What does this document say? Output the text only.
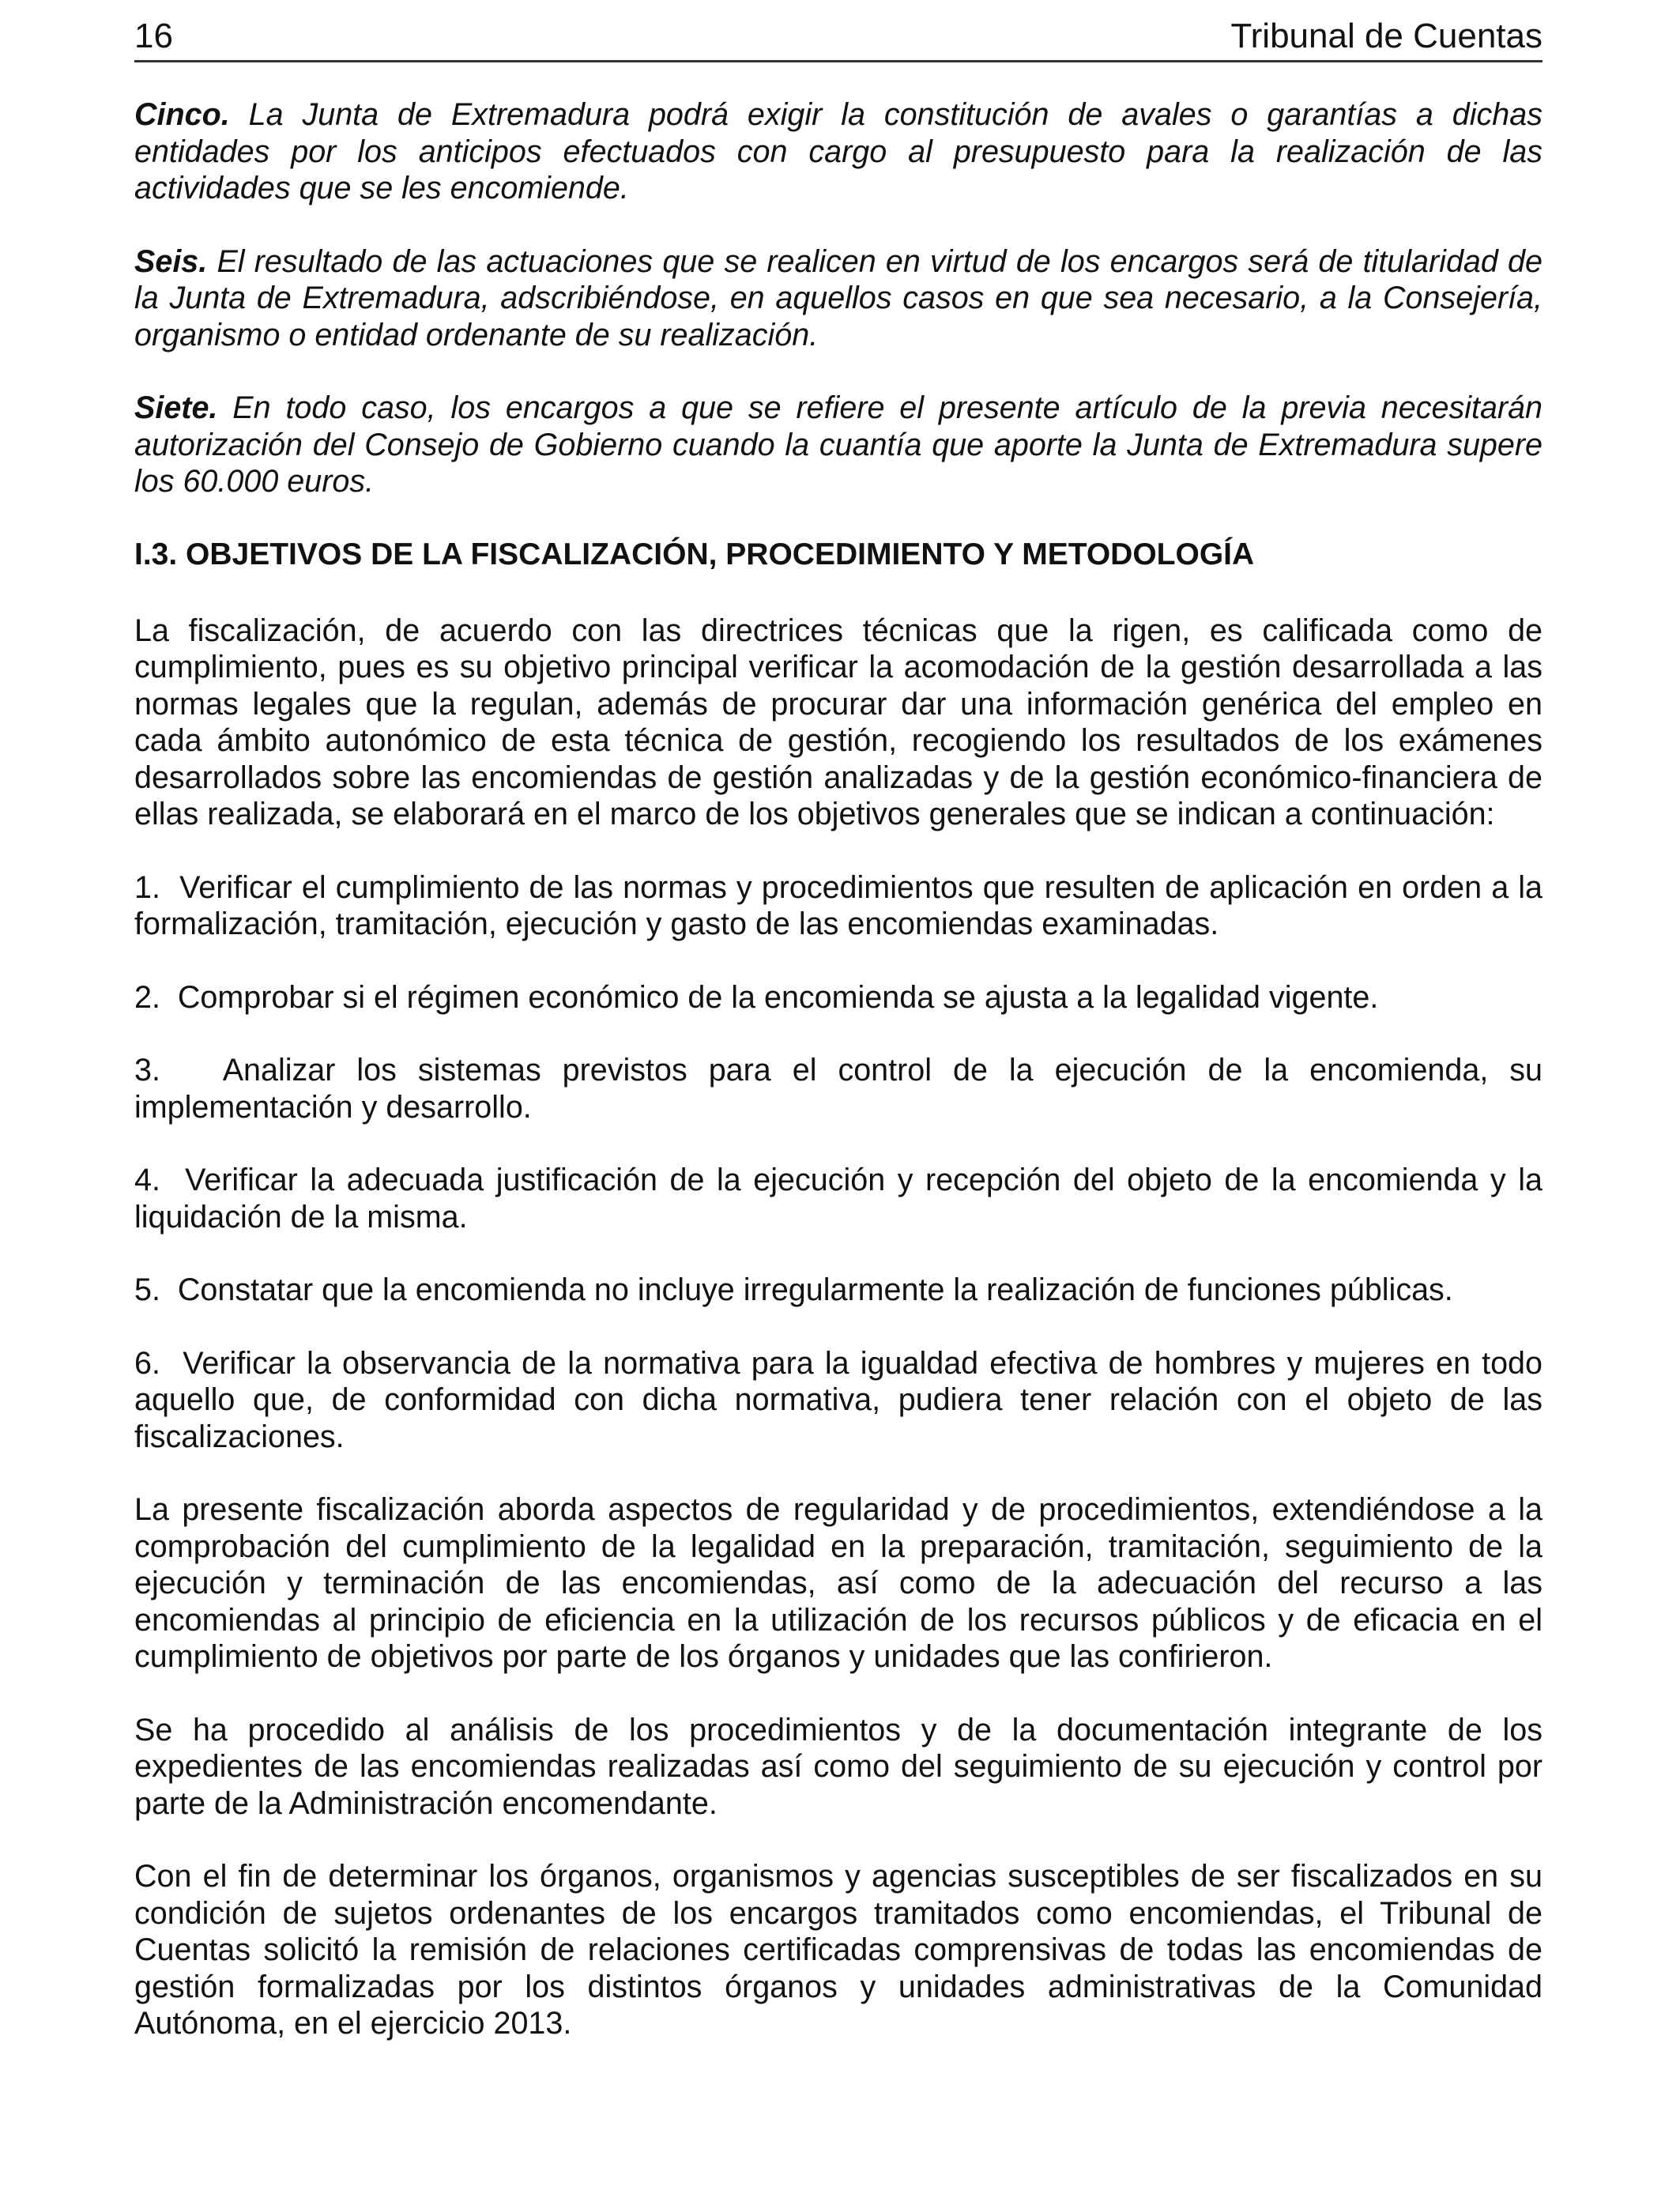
16	Tribunal de Cuentas

Cinco. La Junta de Extremadura podrá exigir la constitución de avales o garantías a dichas entidades por los anticipos efectuados con cargo al presupuesto para la realización de las actividades que se les encomiende.

Seis. El resultado de las actuaciones que se realicen en virtud de los encargos será de titularidad de la Junta de Extremadura, adscribiéndose, en aquellos casos en que sea necesario, a la Consejería, organismo o entidad ordenante de su realización.

Siete. En todo caso, los encargos a que se refiere el presente artículo de la previa necesitarán autorización del Consejo de Gobierno cuando la cuantía que aporte la Junta de Extremadura supere los 60.000 euros.

I.3. OBJETIVOS DE LA FISCALIZACIÓN, PROCEDIMIENTO Y METODOLOGÍA

La fiscalización, de acuerdo con las directrices técnicas que la rigen, es calificada como de cumplimiento, pues es su objetivo principal verificar la acomodación de la gestión desarrollada a las normas legales que la regulan, además de procurar dar una información genérica del empleo en cada ámbito autonómico de esta técnica de gestión, recogiendo los resultados de los exámenes desarrollados sobre las encomiendas de gestión analizadas y de la gestión económico-financiera de ellas realizada, se elaborará en el marco de los objetivos generales que se indican a continuación:

1. Verificar el cumplimiento de las normas y procedimientos que resulten de aplicación en orden a la formalización, tramitación, ejecución y gasto de las encomiendas examinadas.

2. Comprobar si el régimen económico de la encomienda se ajusta a la legalidad vigente.

3. Analizar los sistemas previstos para el control de la ejecución de la encomienda, su implementación y desarrollo.

4. Verificar la adecuada justificación de la ejecución y recepción del objeto de la encomienda y la liquidación de la misma.

5. Constatar que la encomienda no incluye irregularmente la realización de funciones públicas.

6. Verificar la observancia de la normativa para la igualdad efectiva de hombres y mujeres en todo aquello que, de conformidad con dicha normativa, pudiera tener relación con el objeto de las fiscalizaciones.

La presente fiscalización aborda aspectos de regularidad y de procedimientos, extendiéndose a la comprobación del cumplimiento de la legalidad en la preparación, tramitación, seguimiento de la ejecución y terminación de las encomiendas, así como de la adecuación del recurso a las encomiendas al principio de eficiencia en la utilización de los recursos públicos y de eficacia en el cumplimiento de objetivos por parte de los órganos y unidades que las confirieron.

Se ha procedido al análisis de los procedimientos y de la documentación integrante de los expedientes de las encomiendas realizadas así como del seguimiento de su ejecución y control por parte de la Administración encomendante.

Con el fin de determinar los órganos, organismos y agencias susceptibles de ser fiscalizados en su condición de sujetos ordenantes de los encargos tramitados como encomiendas, el Tribunal de Cuentas solicitó la remisión de relaciones certificadas comprensivas de todas las encomiendas de gestión formalizadas por los distintos órganos y unidades administrativas de la Comunidad Autónoma, en el ejercicio 2013.
